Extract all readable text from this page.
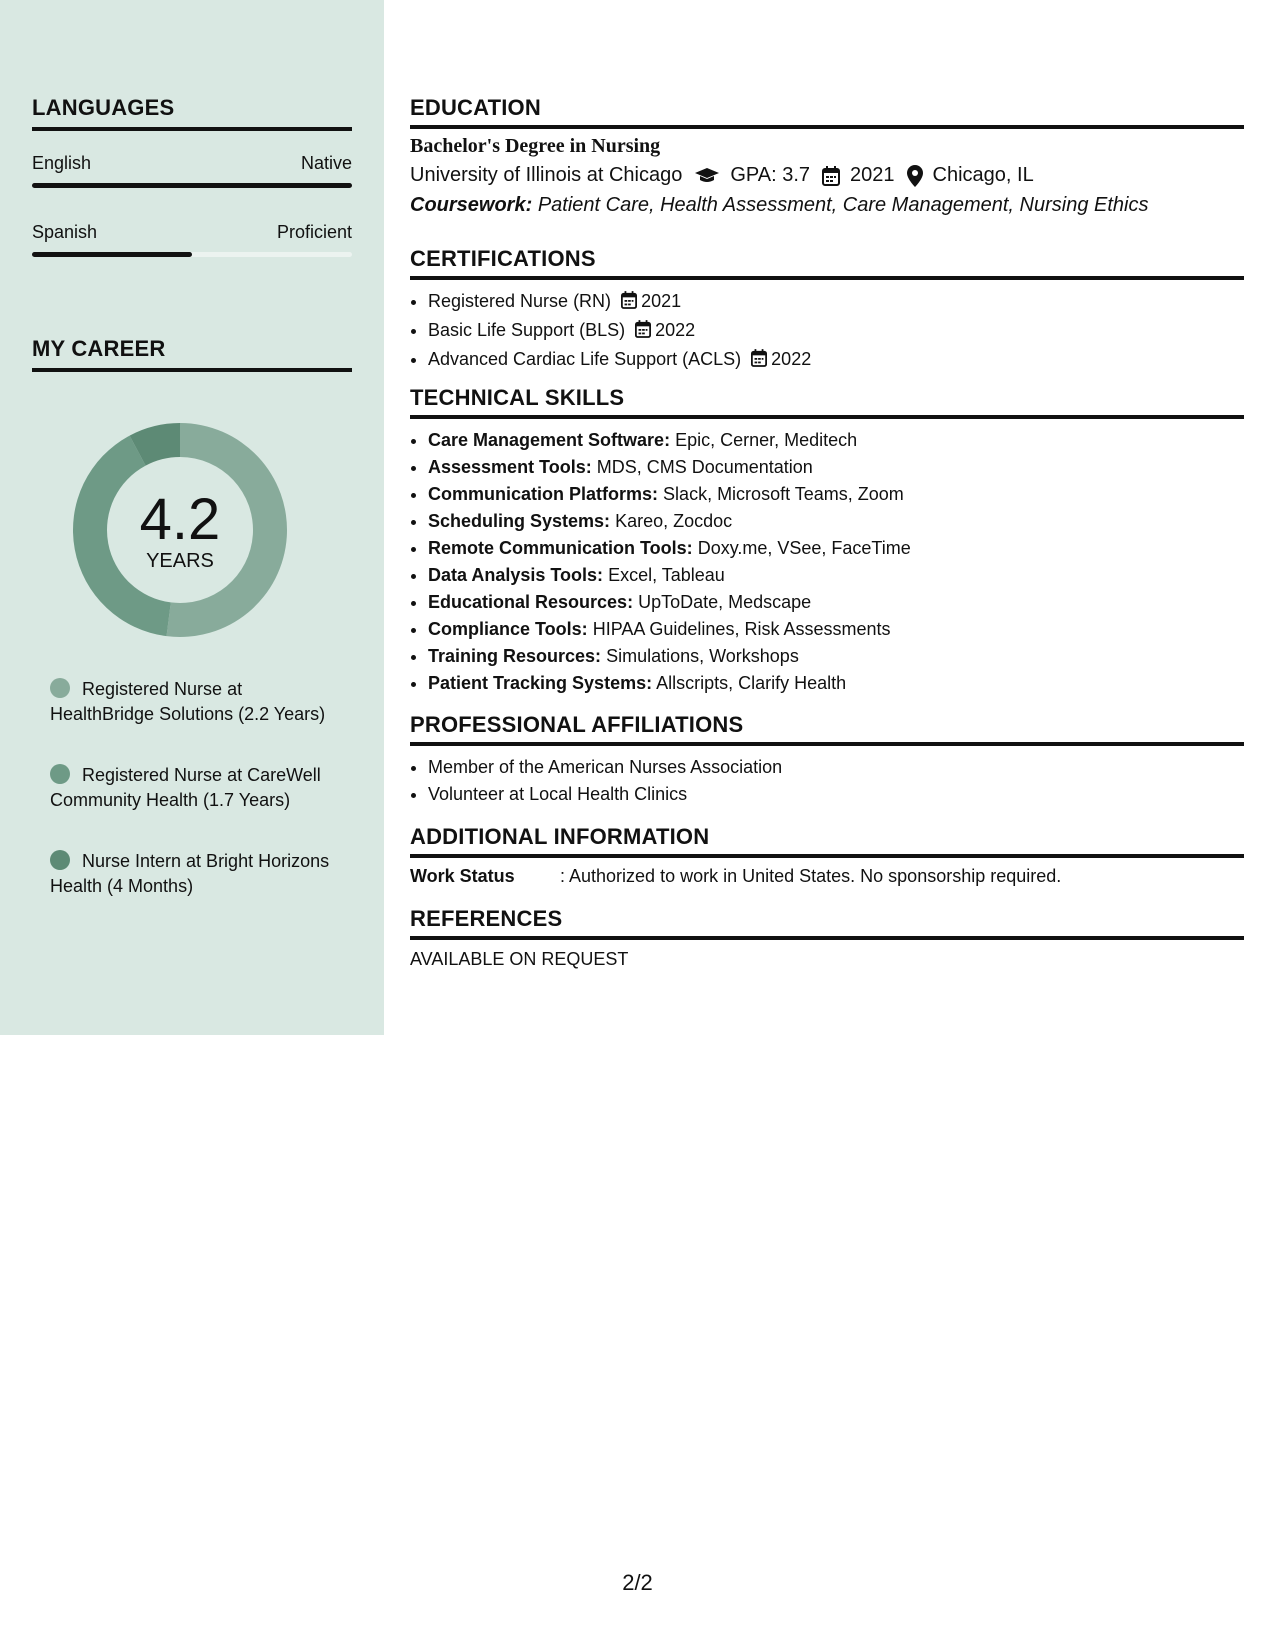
LANGUAGES
English	Native
Spanish	Proficient
MY CAREER
4.2
YEARS
Registered Nurse at HealthBridge Solutions (2.2 Years)
Registered Nurse at CareWell Community Health (1.7 Years)
Nurse Intern at Bright Horizons Health (4 Months)
EDUCATION
Bachelor's Degree in Nursing
University of Illinois at Chicago GPA: 3.7 2021 Chicago, IL
Coursework: Patient Care, Health Assessment, Care Management, Nursing Ethics
CERTIFICATIONS
• Registered Nurse (RN) 2021
• Basic Life Support (BLS) 2022
• Advanced Cardiac Life Support (ACLS) 2022
TECHNICAL SKILLS
• Care Management Software: Epic, Cerner, Meditech
• Assessment Tools: MDS, CMS Documentation
• Communication Platforms: Slack, Microsoft Teams, Zoom
• Scheduling Systems: Kareo, Zocdoc
• Remote Communication Tools: Doxy.me, VSee, FaceTime
• Data Analysis Tools: Excel, Tableau
• Educational Resources: UpToDate, Medscape
• Compliance Tools: HIPAA Guidelines, Risk Assessments
• Training Resources: Simulations, Workshops
• Patient Tracking Systems: Allscripts, Clarify Health
PROFESSIONAL AFFILIATIONS
• Member of the American Nurses Association
• Volunteer at Local Health Clinics
ADDITIONAL INFORMATION
Work Status	: Authorized to work in United States. No sponsorship required.
REFERENCES
AVAILABLE ON REQUEST
2/2
